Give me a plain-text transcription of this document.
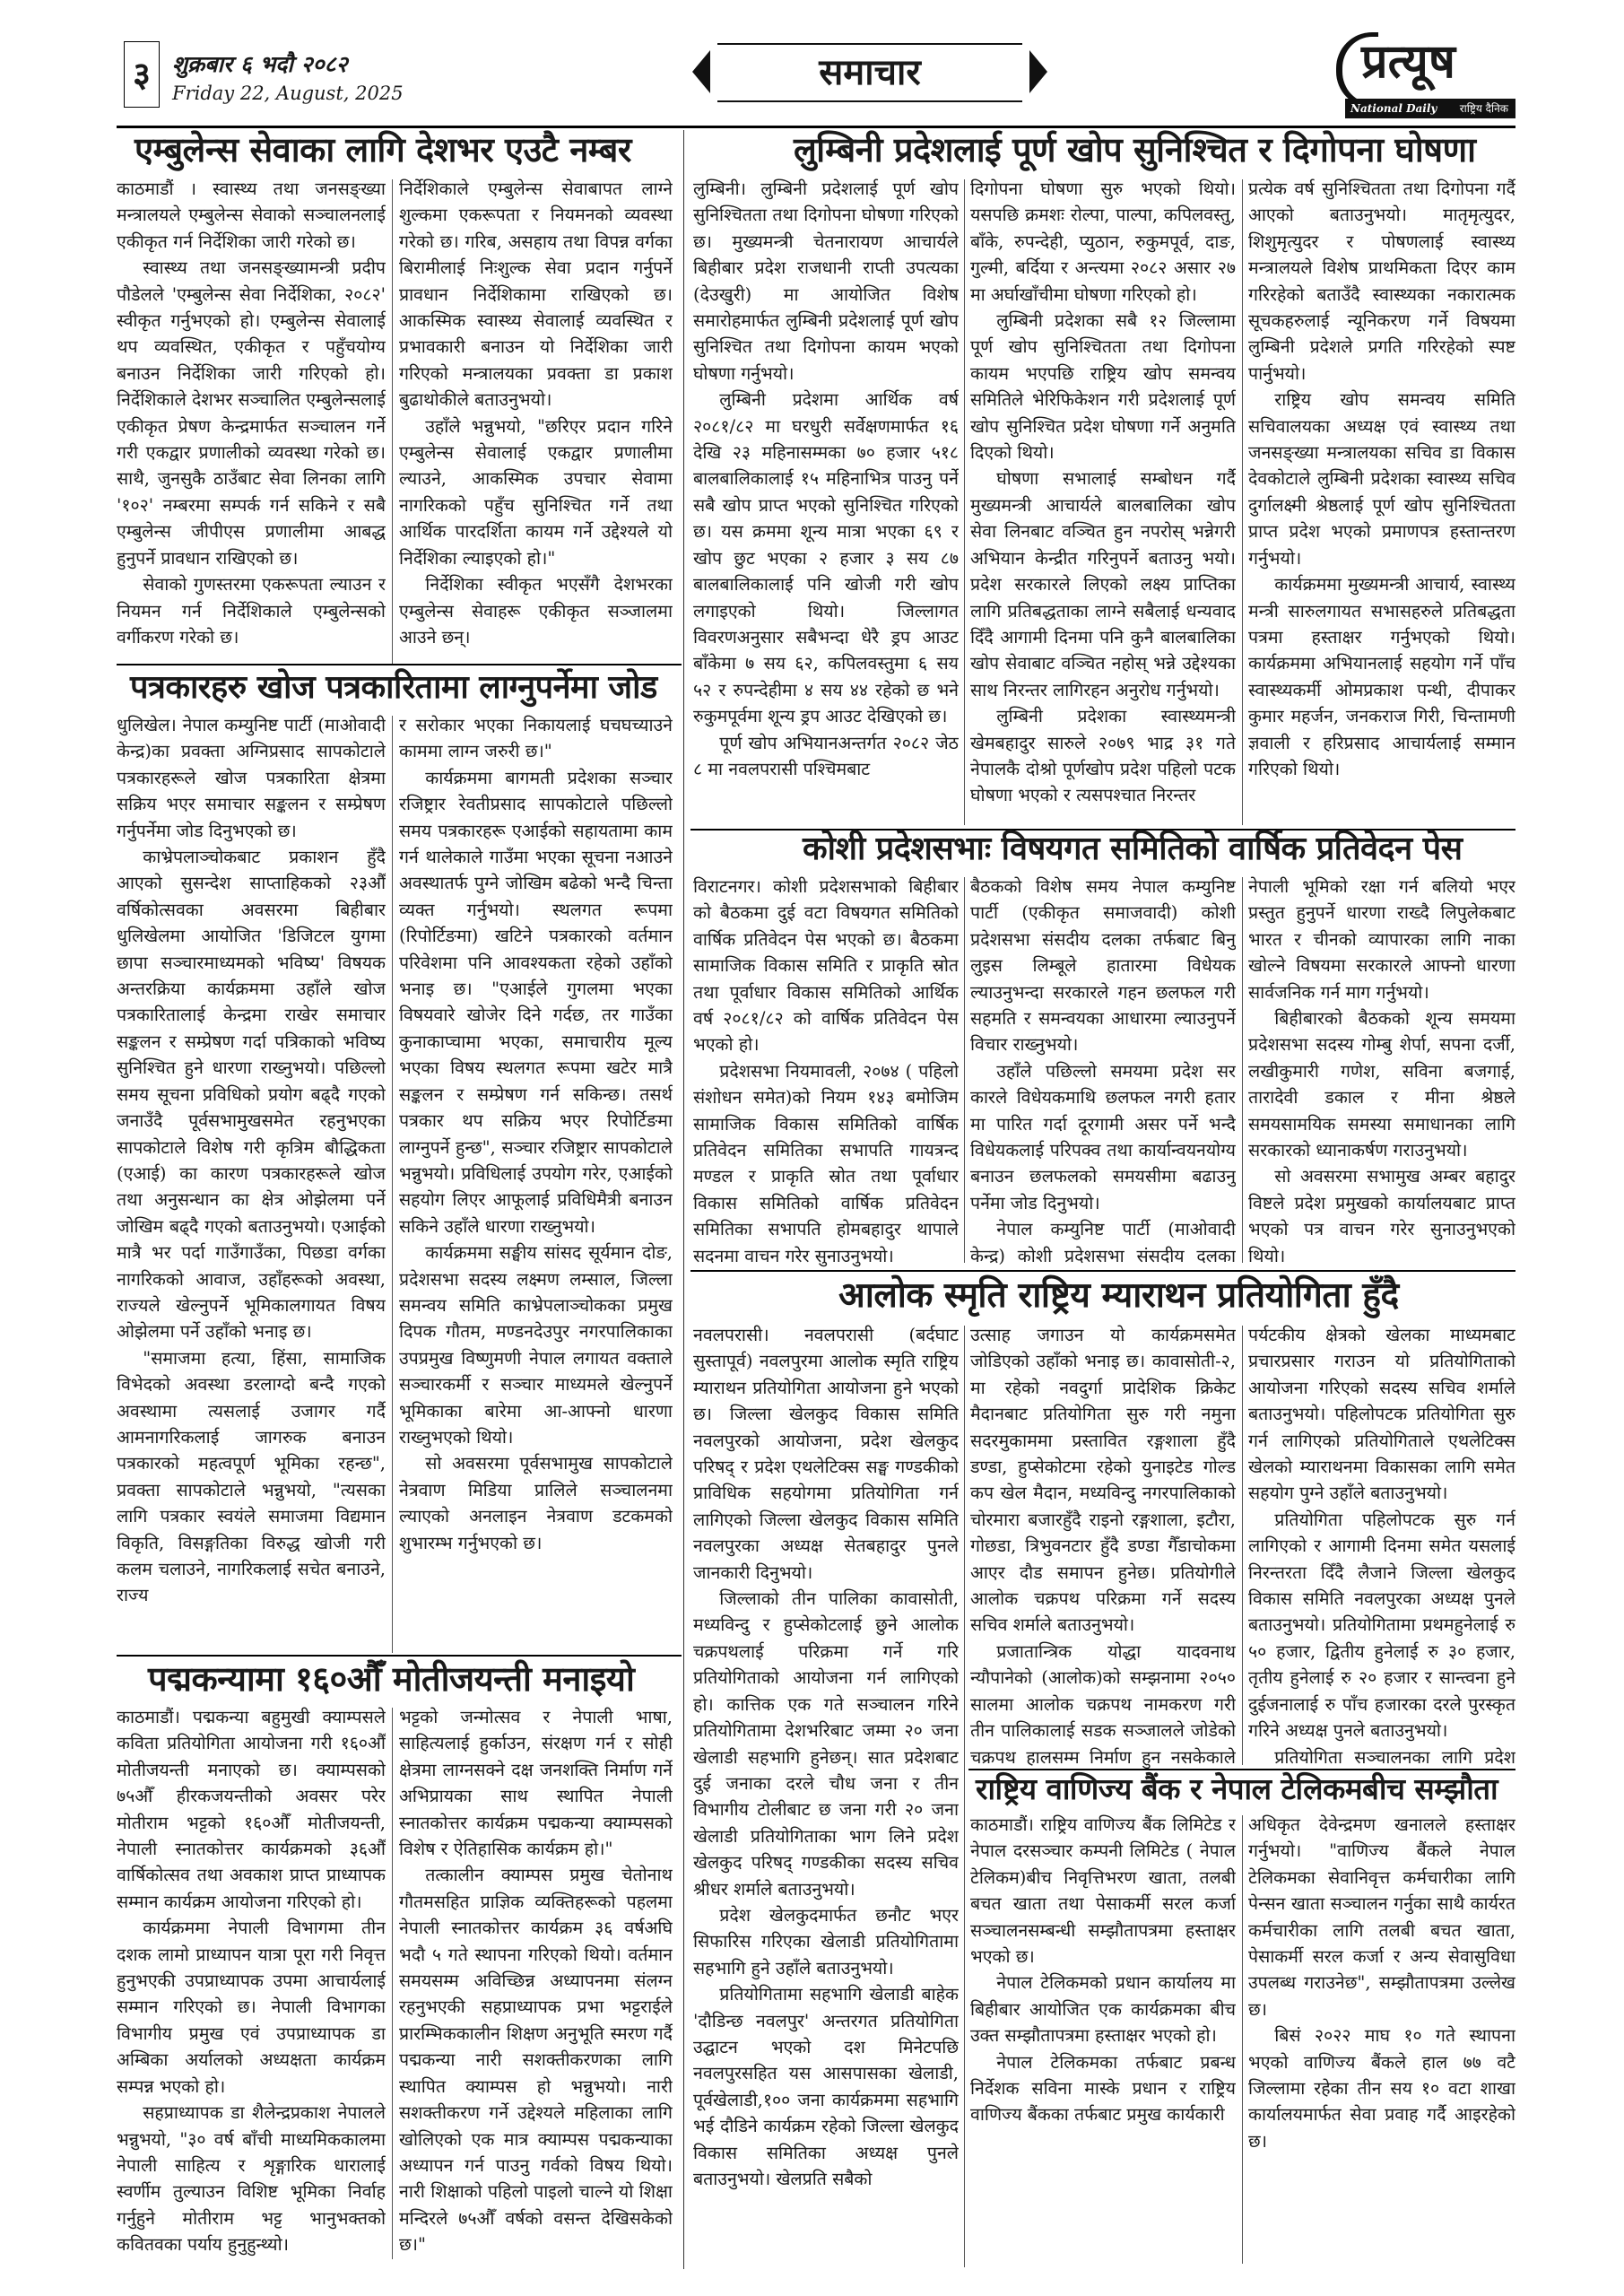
३ शुक्रबार ६ भदौ २०८२
Friday 22, August, 2025	समाचार	प्रत्यूष
National Daily राष्ट्रिय दैनिक
एम्बुलेन्स सेवाका लागि देशभर एउटै नम्बर
काठमाडौं । स्वास्थ्य तथा जनसङ्ख्या मन्त्रालयले एम्बुलेन्स सेवाको सञ्चालनलाई एकीकृत गर्न निर्देशिका जारी गरेको छ।
स्वास्थ्य तथा जनसङ्ख्यामन्त्री प्रदीप पौडेलले 'एम्बुलेन्स सेवा निर्देशिका, २०८२' स्वीकृत गर्नुभएको हो। एम्बुलेन्स सेवालाई थप व्यवस्थित, एकीकृत र पहुँचयोग्य बनाउन निर्देशिका जारी गरिएको हो। निर्देशिकाले देशभर सञ्चालित एम्बुलेन्सलाई एकीकृत प्रेषण केन्द्रमार्फत सञ्चालन गर्ने गरी एकद्वार प्रणालीको व्यवस्था गरेको छ। साथै, जुनसुकै ठाउँबाट सेवा लिनका लागि '१०२' नम्बरमा सम्पर्क गर्न सकिने र सबै एम्बुलेन्स जीपीएस प्रणालीमा आबद्ध हुनुपर्ने प्रावधान राखिएको छ।
सेवाको गुणस्तरमा एकरूपता ल्याउन र नियमन गर्न निर्देशिकाले एम्बुलेन्सको वर्गीकरण गरेको छ।
निर्देशिकाले एम्बुलेन्स सेवाबापत लाग्ने शुल्कमा एकरूपता र नियमनको व्यवस्था गरेको छ। गरिब, असहाय तथा विपन्न वर्गका बिरामीलाई निःशुल्क सेवा प्रदान गर्नुपर्ने प्रावधान निर्देशिकामा राखिएको छ। आकस्मिक स्वास्थ्य सेवालाई व्यवस्थित र प्रभावकारी बनाउन यो निर्देशिका जारी गरिएको मन्त्रालयका प्रवक्ता डा प्रकाश बुढाथोकीले बताउनुभयो।
उहाँले भन्नुभयो, "छरिएर प्रदान गरिने एम्बुलेन्स सेवालाई एकद्वार प्रणालीमा ल्याउने, आकस्मिक उपचार सेवामा नागरिकको पहुँच सुनिश्चित गर्ने तथा आर्थिक पारदर्शिता कायम गर्ने उद्देश्यले यो निर्देशिका ल्याइएको हो।"
निर्देशिका स्वीकृत भएसँगै देशभरका एम्बुलेन्स सेवाहरू एकीकृत सञ्जालमा आउने छन्।
पत्रकारहरु खोज पत्रकारितामा लाग्नुपर्नेमा जोड
धुलिखेल। नेपाल कम्युनिष्ट पार्टी (माओवादी केन्द्र)का प्रवक्ता अग्निप्रसाद सापकोटाले पत्रकारहरूले खोज पत्रकारिता क्षेत्रमा सक्रिय भएर समाचार सङ्कलन र सम्प्रेषण गर्नुपर्नेमा जोड दिनुभएको छ।
काभ्रेपलाञ्चोकबाट प्रकाशन हुँदै आएको सुसन्देश साप्ताहिकको २३औँ वर्षिकोत्सवका अवसरमा बिहीबार धुलिखेलमा आयोजित 'डिजिटल युगमा छापा सञ्चारमाध्यमको भविष्य' विषयक अन्तरक्रिया कार्यक्रममा उहाँले खोज पत्रकारितालाई केन्द्रमा राखेर समाचार सङ्कलन र सम्प्रेषण गर्दा पत्रिकाको भविष्य सुनिश्चित हुने धारणा राख्नुभयो। पछिल्लो समय सूचना प्रविधिको प्रयोग बढ्दै गएको जनाउँदै पूर्वसभामुखसमेत रहनुभएका सापकोटाले विशेष गरी कृत्रिम बौद्धिकता (एआई) का कारण पत्रकारहरूले खोज तथा अनुसन्धान का क्षेत्र ओझेलमा पर्ने जोखिम बढ्दै गएको बताउनुभयो। एआईको मात्रै भर पर्दा गाउँगाउँका, पिछडा वर्गका नागरिकको आवाज, उहाँहरूको अवस्था, राज्यले खेल्नुपर्ने भूमिकालगायत विषय ओझेलमा पर्ने उहाँको भनाइ छ।
"समाजमा हत्या, हिंसा, सामाजिक विभेदको अवस्था डरलाग्दो बन्दै गएको अवस्थामा त्यसलाई उजागर गर्दै आमनागरिकलाई जागरुक बनाउन पत्रकारको महत्वपूर्ण भूमिका रहन्छ", प्रवक्ता सापकोटाले भन्नुभयो, "त्यसका लागि पत्रकार स्वयंले समाजमा विद्यमान विकृति, विसङ्गतिका विरुद्ध खोजी गरी कलम चलाउने, नागरिकलाई सचेत बनाउने, राज्य
र सरोकार भएका निकायलाई घचघच्याउने काममा लाग्न जरुरी छ।"
कार्यक्रममा बागमती प्रदेशका सञ्चार रजिष्ट्रार रेवतीप्रसाद सापकोटाले पछिल्लो समय पत्रकारहरू एआईको सहायतामा काम गर्न थालेकाले गाउँमा भएका सूचना नआउने अवस्थातर्फ पुग्ने जोखिम बढेको भन्दै चिन्ता व्यक्त गर्नुभयो। स्थलगत रूपमा (रिपोर्टिङमा) खटिने पत्रकारको वर्तमान परिवेशमा पनि आवश्यकता रहेको उहाँको भनाइ छ। "एआईले गुगलमा भएका विषयवारे खोजेर दिने गर्दछ, तर गाउँका कुनाकाप्चामा भएका, समाचारीय मूल्य भएका विषय स्थलगत रूपमा खटेर मात्रै सङ्कलन र सम्प्रेषण गर्न सकिन्छ। तसर्थ पत्रकार थप सक्रिय भएर रिपोर्टिङमा लाग्नुपर्ने हुन्छ", सञ्चार रजिष्ट्रार सापकोटाले भन्नुभयो। प्रविधिलाई उपयोग गरेर, एआईको सहयोग लिएर आफूलाई प्रविधिमैत्री बनाउन सकिने उहाँले धारणा राख्नुभयो।
कार्यक्रममा सङ्घीय सांसद सूर्यमान दोङ, प्रदेशसभा सदस्य लक्ष्मण लम्साल, जिल्ला समन्वय समिति काभ्रेपलाञ्चोकका प्रमुख दिपक गौतम, मण्डनदेउपुर नगरपालिकाका उपप्रमुख विष्णुमणी नेपाल लगायत वक्ताले सञ्चारकर्मी र सञ्चार माध्यमले खेल्नुपर्ने भूमिकाका बारेमा आ-आफ्नो धारणा राख्नुभएको थियो।
सो अवसरमा पूर्वसभामुख सापकोटाले नेत्रवाण मिडिया प्रालिले सञ्चालनमा ल्याएको अनलाइन नेत्रवाण डटकमको शुभारम्भ गर्नुभएको छ।
पद्मकन्यामा १६०औँ मोतीजयन्ती मनाइयो
काठमाडौं। पद्मकन्या बहुमुखी क्याम्पसले कविता प्रतियोगिता आयोजना गरी १६०औँ मोतीजयन्ती मनाएको छ। क्याम्पसको ७५औँ हीरकजयन्तीको अवसर परेर मोतीराम भट्टको १६०औँ मोतीजयन्ती, नेपाली स्नातकोत्तर कार्यक्रमको ३६औँ वार्षिकोत्सव तथा अवकाश प्राप्त प्राध्यापक सम्मान कार्यक्रम आयोजना गरिएको हो।
कार्यक्रममा नेपाली विभागमा तीन दशक लामो प्राध्यापन यात्रा पूरा गरी निवृत्त हुनुभएकी उपप्राध्यापक उपमा आचार्यलाई सम्मान गरिएको छ। नेपाली विभागका विभागीय प्रमुख एवं उपप्राध्यापक डा अम्बिका अर्यालको अध्यक्षता कार्यक्रम सम्पन्न भएको हो।
सहप्राध्यापक डा शैलेन्द्रप्रकाश नेपालले भन्नुभयो, "३० वर्ष बाँची माध्यमिककालमा नेपाली साहित्य र शृङ्गारिक धारालाई स्वर्णीम तुल्याउन विशिष्ट भूमिका निर्वाह गर्नुहुने मोतीराम भट्ट भानुभक्तको कवितवका पर्याय हुनुहुन्थ्यो।
भट्टको जन्मोत्सव र नेपाली भाषा, साहित्यलाई हुर्काउन, संरक्षण गर्न र सोही क्षेत्रमा लाग्नसक्ने दक्ष जनशक्ति निर्माण गर्ने अभिप्रायका साथ स्थापित नेपाली स्नातकोत्तर कार्यक्रम पद्मकन्या क्याम्पसको विशेष र ऐतिहासिक कार्यक्रम हो।"
तत्कालीन क्याम्पस प्रमुख चेतोनाथ गौतमसहित प्राज्ञिक व्यक्तिहरूको पहलमा नेपाली स्नातकोत्तर कार्यक्रम ३६ वर्षअघि भदौ ५ गते स्थापना गरिएको थियो। वर्तमान समयसम्म अविच्छिन्न अध्यापनमा संलग्न रहनुभएकी सहप्राध्यापक प्रभा भट्टराईले प्रारम्भिककालीन शिक्षण अनुभूति स्मरण गर्दै पद्मकन्या नारी सशक्तीकरणका लागि स्थापित क्याम्पस हो भन्नुभयो। नारी सशक्तीकरण गर्ने उद्देश्यले महिलाका लागि खोलिएको एक मात्र क्याम्पस पद्मकन्याका अध्यापन गर्न पाउनु गर्वको विषय थियो। नारी शिक्षाको पहिलो पाइलो चाल्ने यो शिक्षा मन्दिरले ७५औँ वर्षको वसन्त देखिसकेको छ।"
लुम्बिनी प्रदेशलाई पूर्ण खोप सुनिश्चित र दिगोपना घोषणा
लुम्बिनी। लुम्बिनी प्रदेशलाई पूर्ण खोप सुनिश्चितता तथा दिगोपना घोषणा गरिएको छ। मुख्यमन्त्री चेतनारायण आचार्यले बिहीबार प्रदेश राजधानी राप्ती उपत्यका (देउखुरी) मा आयोजित विशेष समारोहमार्फत लुम्बिनी प्रदेशलाई पूर्ण खोप सुनिश्चित तथा दिगोपना कायम भएको घोषणा गर्नुभयो।
लुम्बिनी प्रदेशमा आर्थिक वर्ष २०८१/८२ मा घरधुरी सर्वेक्षणमार्फत १६ देखि २३ महिनासम्मका ७० हजार ५१८ बालबालिकालाई १५ महिनाभित्र पाउनु पर्ने सबै खोप प्राप्त भएको सुनिश्चित गरिएको छ। यस क्रममा शून्य मात्रा भएका ६९ र खोप छुट भएका २ हजार ३ सय ८७ बालबालिकालाई पनि खोजी गरी खोप लगाइएको थियो। जिल्लागत विवरणअनुसार सबैभन्दा धेरै ड्रप आउट बाँकेमा ७ सय ६२, कपिलवस्तुमा ६ सय ५२ र रुपन्देहीमा ४ सय ४४ रहेको छ भने रुकुमपूर्वमा शून्य ड्रप आउट देखिएको छ।
पूर्ण खोप अभियानअन्तर्गत २०८२ जेठ ८ मा नवलपरासी पश्चिमबाट
दिगोपना घोषणा सुरु भएको थियो। यसपछि क्रमशः रोल्पा, पाल्पा, कपिलवस्तु, बाँके, रुपन्देही, प्युठान, रुकुमपूर्व, दाङ, गुल्मी, बर्दिया र अन्त्यमा २०८२ असार २७ मा अर्घाखाँचीमा घोषणा गरिएको हो।
लुम्बिनी प्रदेशका सबै १२ जिल्लामा पूर्ण खोप सुनिश्चितता तथा दिगोपना कायम भएपछि राष्ट्रिय खोप समन्वय समितिले भेरिफिकेशन गरी प्रदेशलाई पूर्ण खोप सुनिश्चित प्रदेश घोषणा गर्ने अनुमति दिएको थियो।
घोषणा सभालाई सम्बोधन गर्दै मुख्यमन्त्री आचार्यले बालबालिका खोप सेवा लिनबाट वञ्चित हुन नपरोस् भन्नेगरी अभियान केन्द्रीत गरिनुपर्ने बताउनु भयो। प्रदेश सरकारले लिएको लक्ष्य प्राप्तिका लागि प्रतिबद्धताका लाग्ने सबैलाई धन्यवाद दिँदै आगामी दिनमा पनि कुनै बालबालिका खोप सेवाबाट वञ्चित नहोस् भन्ने उद्देश्यका साथ निरन्तर लागिरहन अनुरोध गर्नुभयो।
लुम्बिनी प्रदेशका स्वास्थ्यमन्त्री खेमबहादुर सारुले २०७९ भाद्र ३१ गते नेपालकै दोश्रो पूर्णखोप प्रदेश पहिलो पटक घोषणा भएको र त्यसपश्चात निरन्तर
प्रत्येक वर्ष सुनिश्चितता तथा दिगोपना गर्दै आएको बताउनुभयो। मातृमृत्युदर, शिशुमृत्युदर र पोषणलाई स्वास्थ्य मन्त्रालयले विशेष प्राथमिकता दिएर काम गरिरहेको बताउँदै स्वास्थ्यका नकारात्मक सूचकहरुलाई न्यूनिकरण गर्ने विषयमा लुम्बिनी प्रदेशले प्रगति गरिरहेको स्पष्ट पार्नुभयो।
राष्ट्रिय खोप समन्वय समिति सचिवालयका अध्यक्ष एवं स्वास्थ्य तथा जनसङ्ख्या मन्त्रालयका सचिव डा विकास देवकोटाले लुम्बिनी प्रदेशका स्वास्थ्य सचिव दुर्गालक्ष्मी श्रेष्ठलाई पूर्ण खोप सुनिश्चितता प्राप्त प्रदेश भएको प्रमाणपत्र हस्तान्तरण गर्नुभयो।
कार्यक्रममा मुख्यमन्त्री आचार्य, स्वास्थ्य मन्त्री सारुलगायत सभासहरुले प्रतिबद्धता पत्रमा हस्ताक्षर गर्नुभएको थियो। कार्यक्रममा अभियानलाई सहयोग गर्ने पाँच स्वास्थ्यकर्मी ओमप्रकाश पन्थी, दीपाकर कुमार महर्जन, जनकराज गिरी, चिन्तामणी ज्ञवाली र हरिप्रसाद आचार्यलाई सम्मान गरिएको थियो।
कोशी प्रदेशसभाः विषयगत समितिको वार्षिक प्रतिवेदन पेस
विराटनगर। कोशी प्रदेशसभाको बिहीबार को बैठकमा दुई वटा विषयगत समितिको वार्षिक प्रतिवेदन पेस भएको छ। बैठकमा सामाजिक विकास समिति र प्राकृति स्रोत तथा पूर्वाधार विकास समितिको आर्थिक वर्ष २०८१/८२ को वार्षिक प्रतिवेदन पेस भएको हो।
प्रदेशसभा नियमावली, २०७४ ( पहिलो संशोधन समेत)को नियम १४३ बमोजिम सामाजिक विकास समितिको वार्षिक प्रतिवेदन समितिका सभापति गायत्रन्द मण्डल र प्राकृति स्रोत तथा पूर्वाधार विकास समितिको वार्षिक प्रतिवेदन समितिका सभापति होमबहादुर थापाले सदनमा वाचन गरेर सुनाउनुभयो।
बैठकको विशेष समय नेपाल कम्युनिष्ट पार्टी (एकीकृत समाजवादी) कोशी प्रदेशसभा संसदीय दलका तर्फबाट बिनु लुइस लिम्बूले हातारमा विधेयक ल्याउनुभन्दा सरकारले गहन छलफल गरी सहमति र समन्वयका आधारमा ल्याउनुपर्ने विचार राख्नुभयो।
उहाँले पछिल्लो समयमा प्रदेश सर कारले विधेयकमाथि छलफल नगरी हतार मा पारित गर्दा दूरगामी असर पर्ने भन्दै विधेयकलाई परिपक्व तथा कार्यान्वयनयोग्य बनाउन छलफलको समयसीमा बढाउनु पर्नेमा जोड दिनुभयो।
नेपाल कम्युनिष्ट पार्टी (माओवादी केन्द्र) कोशी प्रदेशसभा संसदीय दलका
नेपाली भूमिको रक्षा गर्न बलियो भएर प्रस्तुत हुनुपर्ने धारणा राख्दै लिपुलेकबाट भारत र चीनको व्यापारका लागि नाका खोल्ने विषयमा सरकारले आफ्नो धारणा सार्वजनिक गर्न माग गर्नुभयो।
बिहीबारको बैठकको शून्य समयमा प्रदेशसभा सदस्य गोम्बु शेर्पा, सपना दर्जी, लखीकुमारी गणेश, सविना बजगाई, तारादेवी डकाल र मीना श्रेष्ठले समयसामयिक समस्या समाधानका लागि सरकारको ध्यानाकर्षण गराउनुभयो।
सो अवसरमा सभामुख अम्बर बहादुर विष्टले प्रदेश प्रमुखको कार्यालयबाट प्राप्त भएको पत्र वाचन गरेर सुनाउनुभएको थियो।
आलोक स्मृति राष्ट्रिय म्याराथन प्रतियोगिता हुँदै
नवलपरासी। नवलपरासी (बर्दघाट सुस्तापूर्व) नवलपुरमा आलोक स्मृति राष्ट्रिय म्याराथन प्रतियोगिता आयोजना हुने भएको छ। जिल्ला खेलकुद विकास समिति नवलपुरको आयोजना, प्रदेश खेलकुद परिषद् र प्रदेश एथलेटिक्स सङ्घ गण्डकीको प्राविधिक सहयोगमा प्रतियोगिता गर्न लागिएको जिल्ला खेलकुद विकास समिति नवलपुरका अध्यक्ष सेतबहादुर पुनले जानकारी दिनुभयो।
जिल्लाको तीन पालिका कावासोती, मध्यविन्दु र हुप्सेकोटलाई छुने आलोक चक्रपथलाई परिक्रमा गर्ने गरि प्रतियोगिताको आयोजना गर्न लागिएको हो। कात्तिक एक गते सञ्चालन गरिने प्रतियोगितामा देशभरिबाट जम्मा २० जना खेलाडी सहभागि हुनेछन्। सात प्रदेशबाट दुई जनाका दरले चौध जना र तीन विभागीय टोलीबाट छ जना गरी २० जना खेलाडी प्रतियोगिताका भाग लिने प्रदेश खेलकुद परिषद् गण्डकीका सदस्य सचिव श्रीधर शर्माले बताउनुभयो।
प्रदेश खेलकुदमार्फत छनौट भएर सिफारिस गरिएका खेलाडी प्रतियोगितामा सहभागि हुने उहाँले बताउनुभयो।
प्रतियोगितामा सहभागि खेलाडी बाहेक 'दौडिन्छ नवलपुर' अन्तरगत प्रतियोगिता उद्घाटन भएको दश मिनेटपछि नवलपुरसहित यस आसपासका खेलाडी, पूर्वखेलाडी,१०० जना कार्यक्रममा सहभागि भई दौडिने कार्यक्रम रहेको जिल्ला खेलकुद विकास समितिका अध्यक्ष पुनले बताउनुभयो। खेलप्रति सबैको
उत्साह जगाउन यो कार्यक्रमसमेत जोडिएको उहाँको भनाइ छ। कावासोती-२, मा रहेको नवदुर्गा प्रादेशिक क्रिकेट मैदानबाट प्रतियोगिता सुरु गरी नमुना सदरमुकाममा प्रस्तावित रङ्गशाला हुँदै डण्डा, हुप्सेकोटमा रहेको युनाइटेड गोल्ड कप खेल मैदान, मध्यविन्दु नगरपालिकाको चोरमारा बजारहुँदै राइनो रङ्गशाला, इटौरा, गोछडा, त्रिभुवनटार हुँदै डण्डा गैँडाचोकमा आएर दौड समापन हुनेछ। प्रतियोगीले आलोक चक्रपथ परिक्रमा गर्ने सदस्य सचिव शर्माले बताउनुभयो।
प्रजातान्त्रिक योद्धा यादवनाथ न्यौपानेको (आलोक)को सम्झनामा २०५० सालमा आलोक चक्रपथ नामकरण गरी तीन पालिकालाई सडक सञ्जालले जोडेको चक्रपथ हालसम्म निर्माण हुन नसकेकाले
पर्यटकीय क्षेत्रको खेलका माध्यमबाट प्रचारप्रसार गराउन यो प्रतियोगिताको आयोजना गरिएको सदस्य सचिव शर्माले बताउनुभयो। पहिलोपटक प्रतियोगिता सुरु गर्न लागिएको प्रतियोगिताले एथलेटिक्स खेलको म्याराथनमा विकासका लागि समेत सहयोग पुग्ने उहाँले बताउनुभयो।
प्रतियोगिता पहिलोपटक सुरु गर्न लागिएको र आगामी दिनमा समेत यसलाई निरन्तरता दिँदै लैजाने जिल्ला खेलकुद विकास समिति नवलपुरका अध्यक्ष पुनले बताउनुभयो। प्रतियोगितामा प्रथमहुनेलाई रु ५० हजार, द्वितीय हुनेलाई रु ३० हजार, तृतीय हुनेलाई रु २० हजार र सान्त्वना हुने दुईजनालाई रु पाँच हजारका दरले पुरस्कृत गरिने अध्यक्ष पुनले बताउनुभयो।
प्रतियोगिता सञ्चालनका लागि प्रदेश
राष्ट्रिय वाणिज्य बैंक र नेपाल टेलिकमबीच सम्झौता
काठमाडौं। राष्ट्रिय वाणिज्य बैंक लिमिटेड र नेपाल दरसञ्चार कम्पनी लिमिटेड ( नेपाल टेलिकम)बीच निवृत्तिभरण खाता, तलबी बचत खाता तथा पेसाकर्मी सरल कर्जा सञ्चालनसम्बन्धी सम्झौतापत्रमा हस्ताक्षर भएको छ।
नेपाल टेलिकमको प्रधान कार्यालय मा बिहीबार आयोजित एक कार्यक्रमका बीच उक्त सम्झौतापत्रमा हस्ताक्षर भएको हो।
नेपाल टेलिकमका तर्फबाट प्रबन्ध निर्देशक सविना मास्के प्रधान र राष्ट्रिय वाणिज्य बैंकका तर्फबाट प्रमुख कार्यकारी
अधिकृत देवेन्द्रमण खनालले हस्ताक्षर गर्नुभयो। "वाणिज्य बैंकले नेपाल टेलिकमका सेवानिवृत्त कर्मचारीका लागि पेन्सन खाता सञ्चालन गर्नुका साथै कार्यरत कर्मचारीका लागि तलबी बचत खाता, पेसाकर्मी सरल कर्जा र अन्य सेवासुविधा उपलब्ध गराउनेछ", सम्झौतापत्रमा उल्लेख छ।
बिसं २०२२ माघ १० गते स्थापना भएको वाणिज्य बैंकले हाल ७७ वटै जिल्लामा रहेका तीन सय १० वटा शाखा कार्यालयमार्फत सेवा प्रवाह गर्दै आइरहेको छ।
